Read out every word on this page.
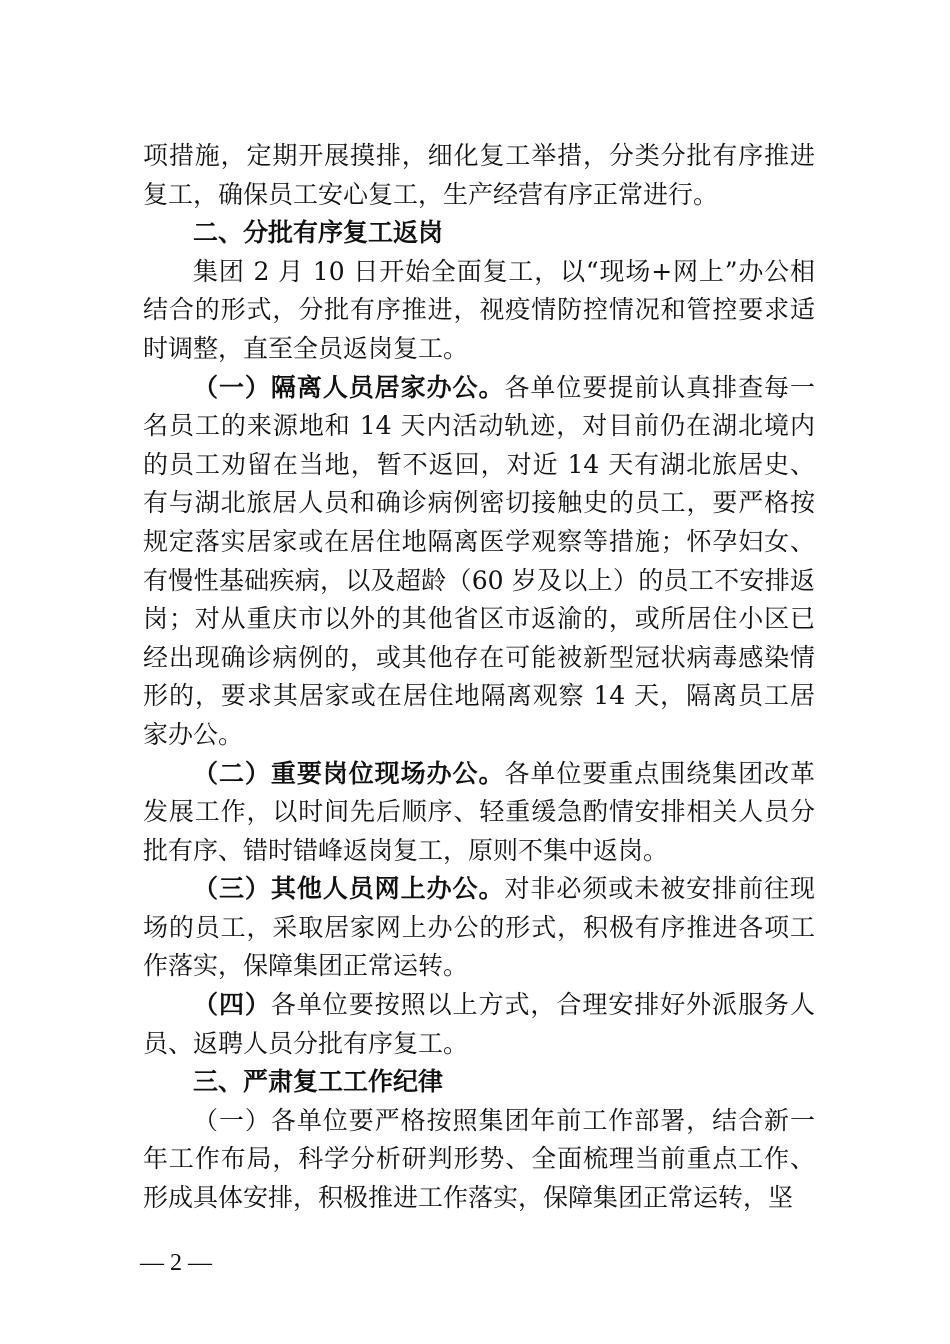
项措施，定期开展摸排，细化复工举措，分类分批有序推进复工，确保员工安心复工，生产经营有序正常进行。

二、分批有序复工返岗

集团 2 月 10 日开始全面复工，以“现场+网上”办公相结合的形式，分批有序推进，视疫情防控情况和管控要求适时调整，直至全员返岗复工。

（一）隔离人员居家办公。各单位要提前认真排查每一名员工的来源地和 14 天内活动轨迹，对目前仍在湖北境内的员工劝留在当地，暂不返回，对近 14 天有湖北旅居史、有与湖北旅居人员和确诊病例密切接触史的员工，要严格按规定落实居家或在居住地隔离医学观察等措施；怀孕妇女、有慢性基础疾病，以及超龄（60 岁及以上）的员工不安排返岗；对从重庆市以外的其他省区市返渝的，或所居住小区已经出现确诊病例的，或其他存在可能被新型冠状病毒感染情形的，要求其居家或在居住地隔离观察 14 天，隔离员工居家办公。

（二）重要岗位现场办公。各单位要重点围绕集团改革发展工作，以时间先后顺序、轻重缓急酌情安排相关人员分批有序、错时错峰返岗复工，原则不集中返岗。

（三）其他人员网上办公。对非必须或未被安排前往现场的员工，采取居家网上办公的形式，积极有序推进各项工作落实，保障集团正常运转。

（四）各单位要按照以上方式，合理安排好外派服务人员、返聘人员分批有序复工。

三、严肃复工工作纪律

（一）各单位要严格按照集团年前工作部署，结合新一年工作布局，科学分析研判形势、全面梳理当前重点工作、形成具体安排，积极推进工作落实，保障集团正常运转，坚

— 2 —
